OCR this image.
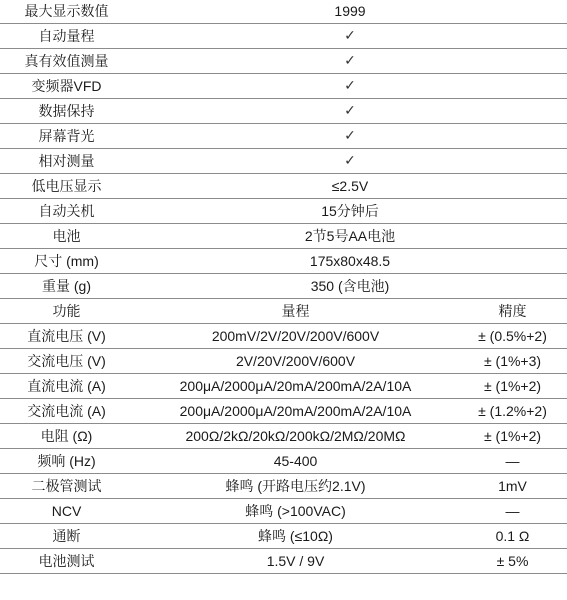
最大显示数值	1999	
自动量程	✓	
真有效值测量	✓	
变频器VFD	✓	
数据保持	✓	
屏幕背光	✓	
相对测量	✓	
低电压显示	≤2.5V	
自动关机	15分钟后	
电池	2节5号AA电池	
尺寸 (mm)	175x80x48.5	
重量 (g)	350 (含电池)	
功能	量程	精度
直流电压 (V)	200mV/2V/20V/200V/600V	± (0.5%+2)
交流电压 (V)	2V/20V/200V/600V	± (1%+3)
直流电流 (A)	200μA/2000μA/20mA/200mA/2A/10A	± (1%+2)
交流电流 (A)	200μA/2000μA/20mA/200mA/2A/10A	± (1.2%+2)
电阻 (Ω)	200Ω/2kΩ/20kΩ/200kΩ/2MΩ/20MΩ	± (1%+2)
频响 (Hz)	45-400	—
二极管测试	蜂鸣 (开路电压约2.1V)	1mV
NCV	蜂鸣 (>100VAC)	—
通断	蜂鸣 (≤10Ω)	0.1 Ω
电池测试	1.5V / 9V	± 5%
